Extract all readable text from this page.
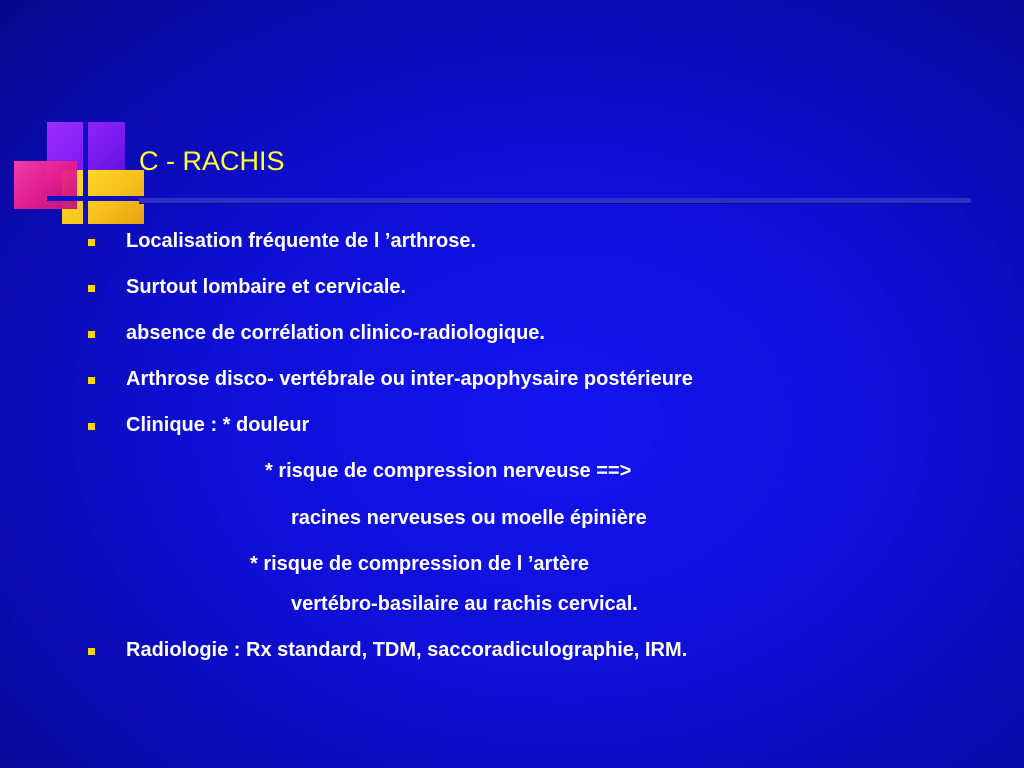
C - RACHIS
Localisation fréquente de l ’arthrose.
Surtout lombaire et cervicale.
absence de corrélation clinico-radiologique.
Arthrose disco- vertébrale ou inter-apophysaire postérieure
Clinique : * douleur
* risque de compression nerveuse ==>
racines nerveuses ou moelle épinière
* risque de compression de l ’artère
vertébro-basilaire au rachis cervical.
Radiologie : Rx standard, TDM, saccoradiculographie, IRM.
